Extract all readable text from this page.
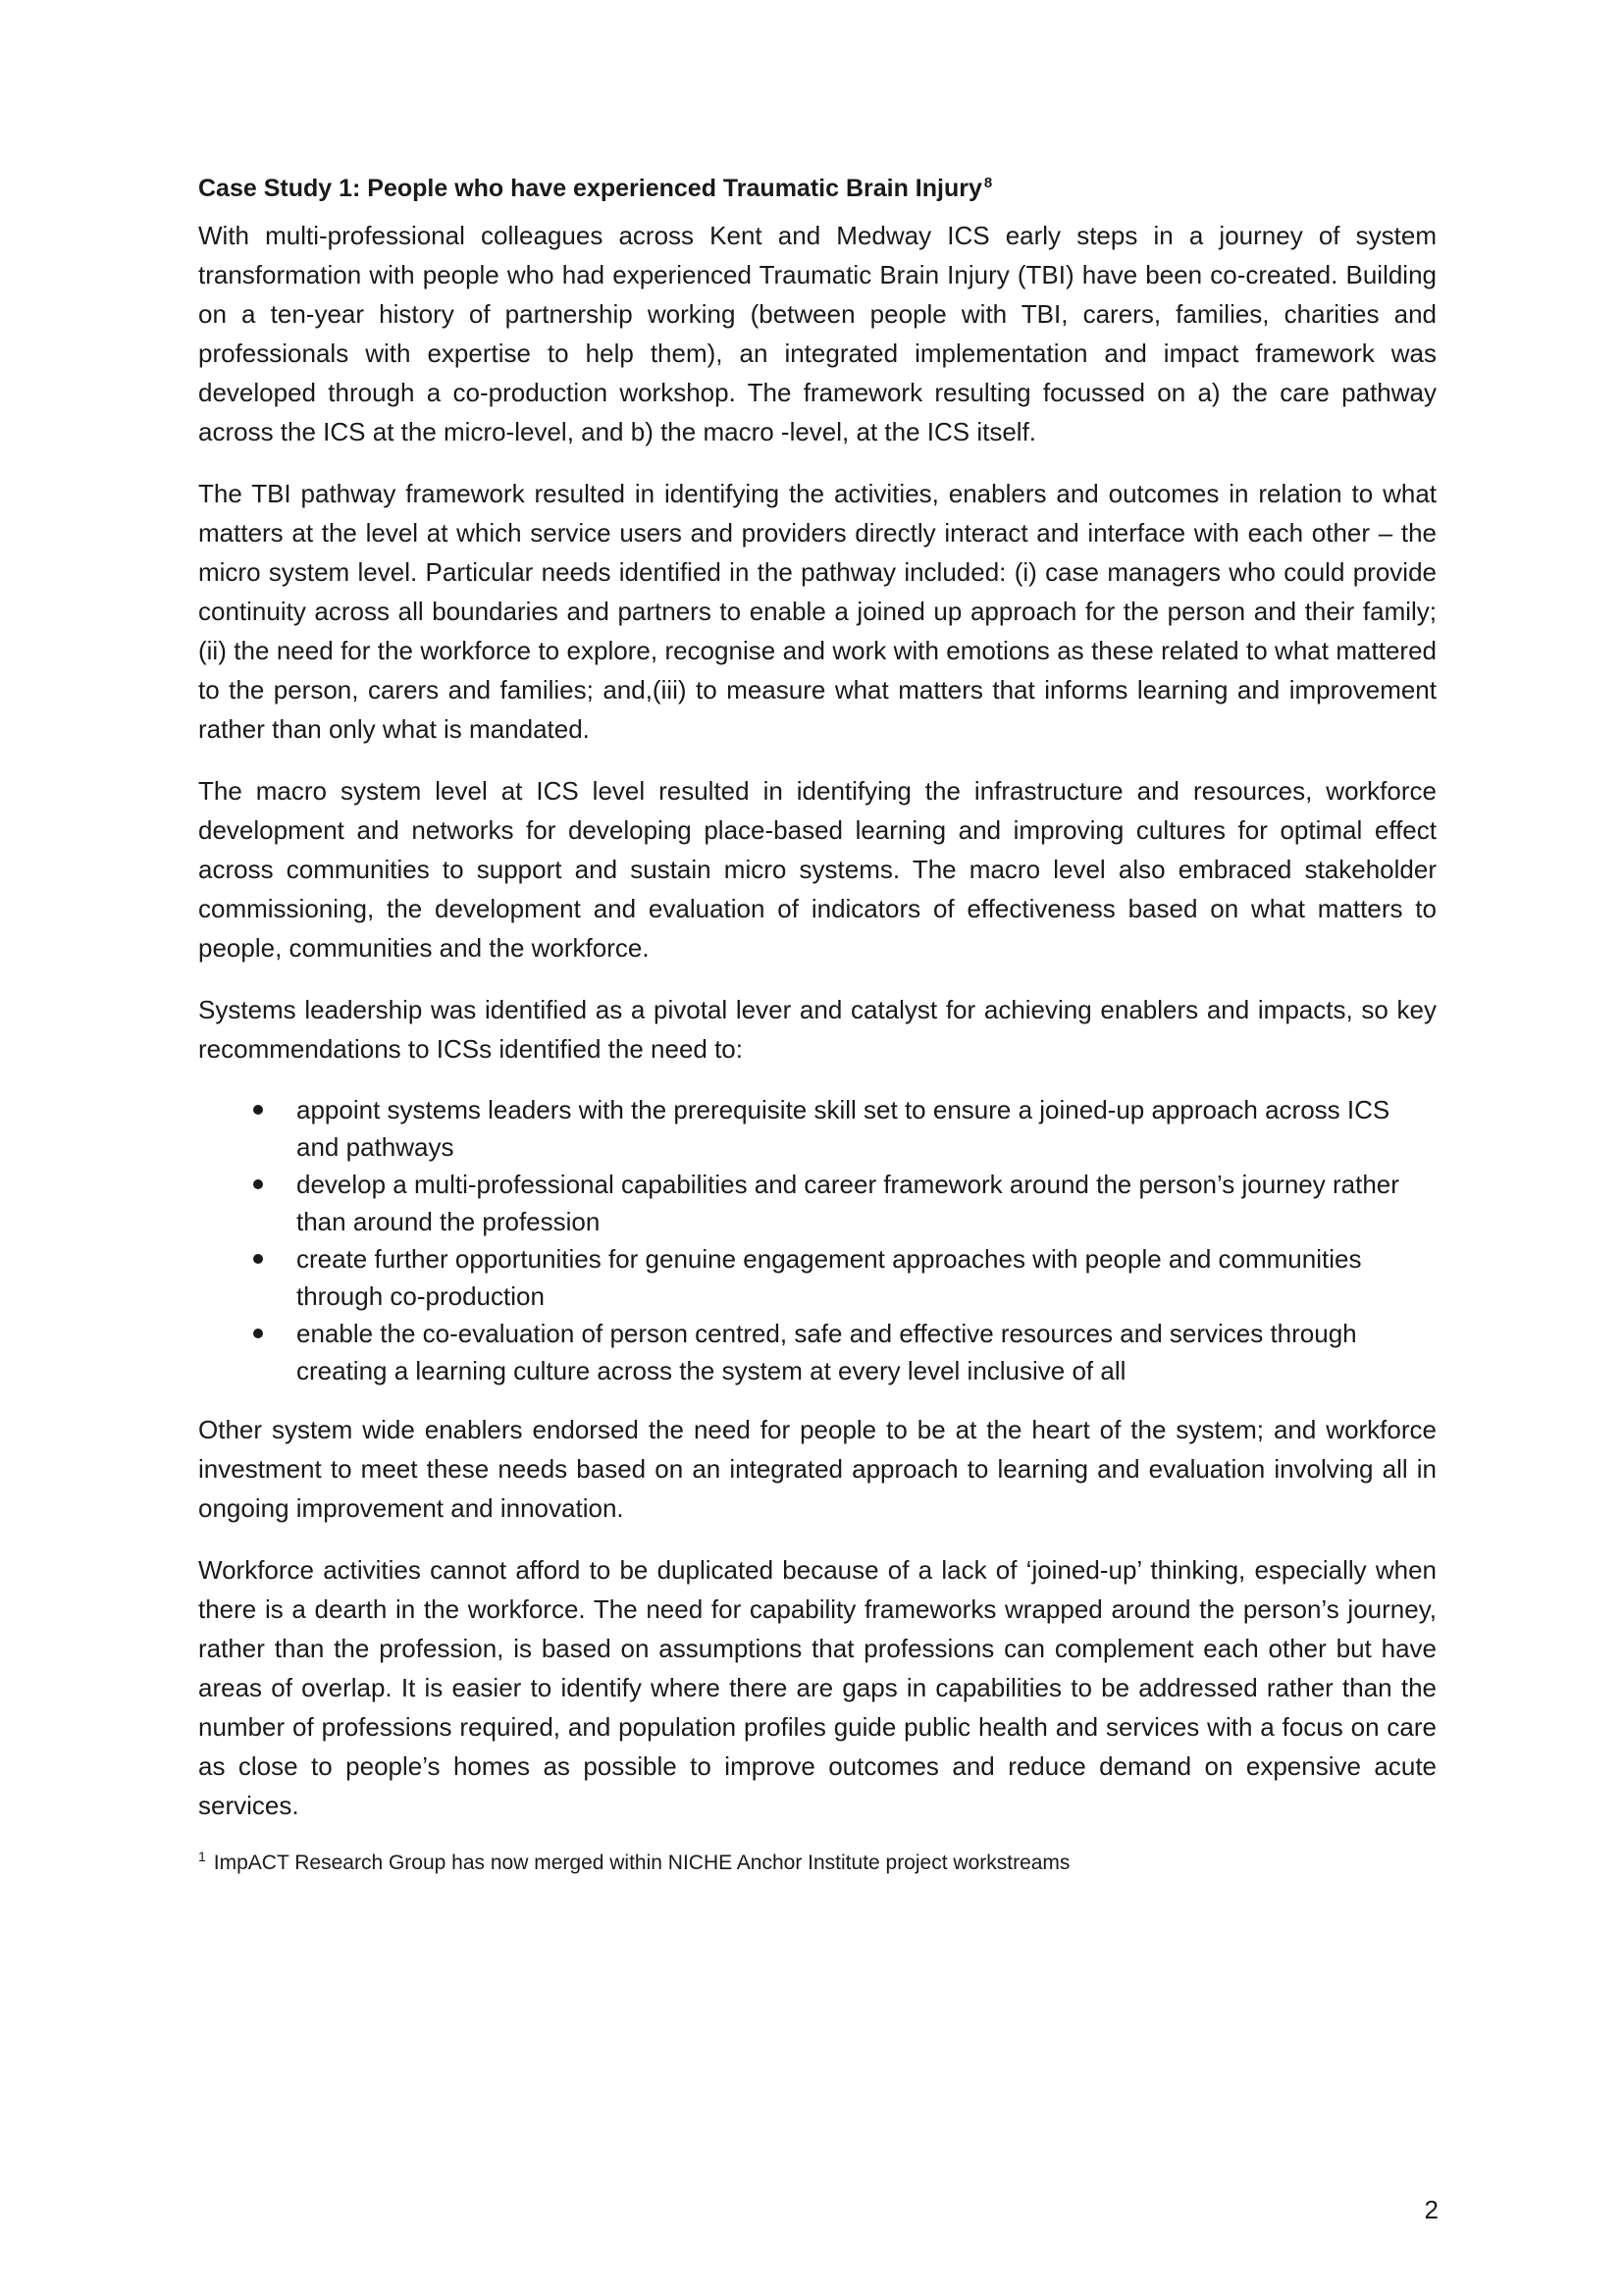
Case Study 1: People who have experienced Traumatic Brain Injury $^8$

With multi-professional colleagues across Kent and Medway ICS early steps in a journey of system transformation with people who had experienced Traumatic Brain Injury (TBI) have been co-created. Building on a ten-year history of partnership working (between people with TBI, carers, families, charities and professionals with expertise to help them), an integrated implementation and impact framework was developed through a co-production workshop. The framework resulting focussed on a) the care pathway across the ICS at the micro-level, and b) the macro -level, at the ICS itself.

The TBI pathway framework resulted in identifying the activities, enablers and outcomes in relation to what matters at the level at which service users and providers directly interact and interface with each other – the micro system level. Particular needs identified in the pathway included: (i) case managers who could provide continuity across all boundaries and partners to enable a joined up approach for the person and their family; (ii) the need for the workforce to explore, recognise and work with emotions as these related to what mattered to the person, carers and families; and,(iii) to measure what matters that informs learning and improvement rather than only what is mandated.

The macro system level at ICS level resulted in identifying the infrastructure and resources, workforce development and networks for developing place-based learning and improving cultures for optimal effect across communities to support and sustain micro systems. The macro level also embraced stakeholder commissioning, the development and evaluation of indicators of effectiveness based on what matters to people, communities and the workforce.

Systems leadership was identified as a pivotal lever and catalyst for achieving enablers and impacts, so key recommendations to ICSs identified the need to:

appoint systems leaders with the prerequisite skill set to ensure a joined-up approach across ICS and pathways
develop a multi-professional capabilities and career framework around the person’s journey rather than around the profession
create further opportunities for genuine engagement approaches with people and communities through co-production
enable the co-evaluation of person centred, safe and effective resources and services through creating a learning culture across the system at every level inclusive of all

Other system wide enablers endorsed the need for people to be at the heart of the system; and workforce investment to meet these needs based on an integrated approach to learning and evaluation involving all in ongoing improvement and innovation.

Workforce activities cannot afford to be duplicated because of a lack of ‘joined-up’ thinking, especially when there is a dearth in the workforce. The need for capability frameworks wrapped around the person’s journey, rather than the profession, is based on assumptions that professions can complement each other but have areas of overlap. It is easier to identify where there are gaps in capabilities to be addressed rather than the number of professions required, and population profiles guide public health and services with a focus on care as close to people’s homes as possible to improve outcomes and reduce demand on expensive acute services.

$^1$ ImpACT Research Group has now merged within NICHE Anchor Institute project workstreams
2
